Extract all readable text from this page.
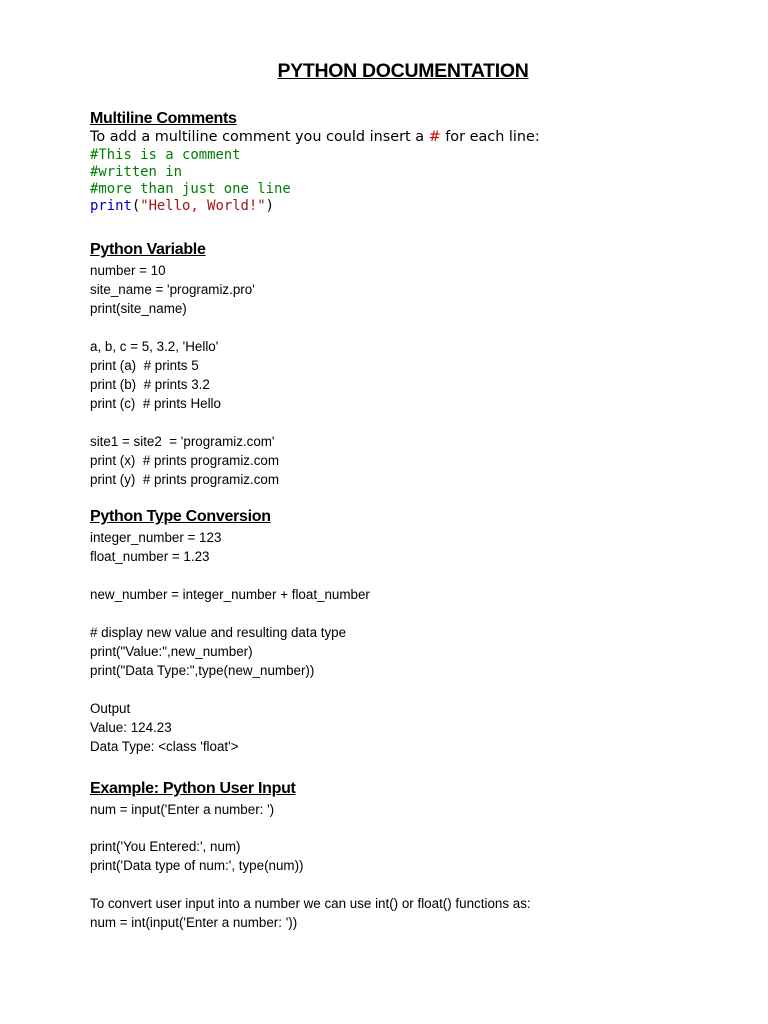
PYTHON DOCUMENTATION
Multiline Comments
To add a multiline comment you could insert a # for each line:
#This is a comment
#written in
#more than just one line
print("Hello, World!")
Python Variable
number = 10
site_name = 'programiz.pro'
print(site_name)
a, b, c = 5, 3.2, 'Hello'
print (a)  # prints 5
print (b)  # prints 3.2
print (c)  # prints Hello
site1 = site2  = 'programiz.com'
print (x)  # prints programiz.com
print (y)  # prints programiz.com
Python Type Conversion
integer_number = 123
float_number = 1.23
new_number = integer_number + float_number
# display new value and resulting data type
print("Value:",new_number)
print("Data Type:",type(new_number))
Output
Value: 124.23
Data Type: <class 'float'>
Example: Python User Input
num = input('Enter a number: ')
print('You Entered:', num)
print('Data type of num:', type(num))
To convert user input into a number we can use int() or float() functions as:
num = int(input('Enter a number: '))
